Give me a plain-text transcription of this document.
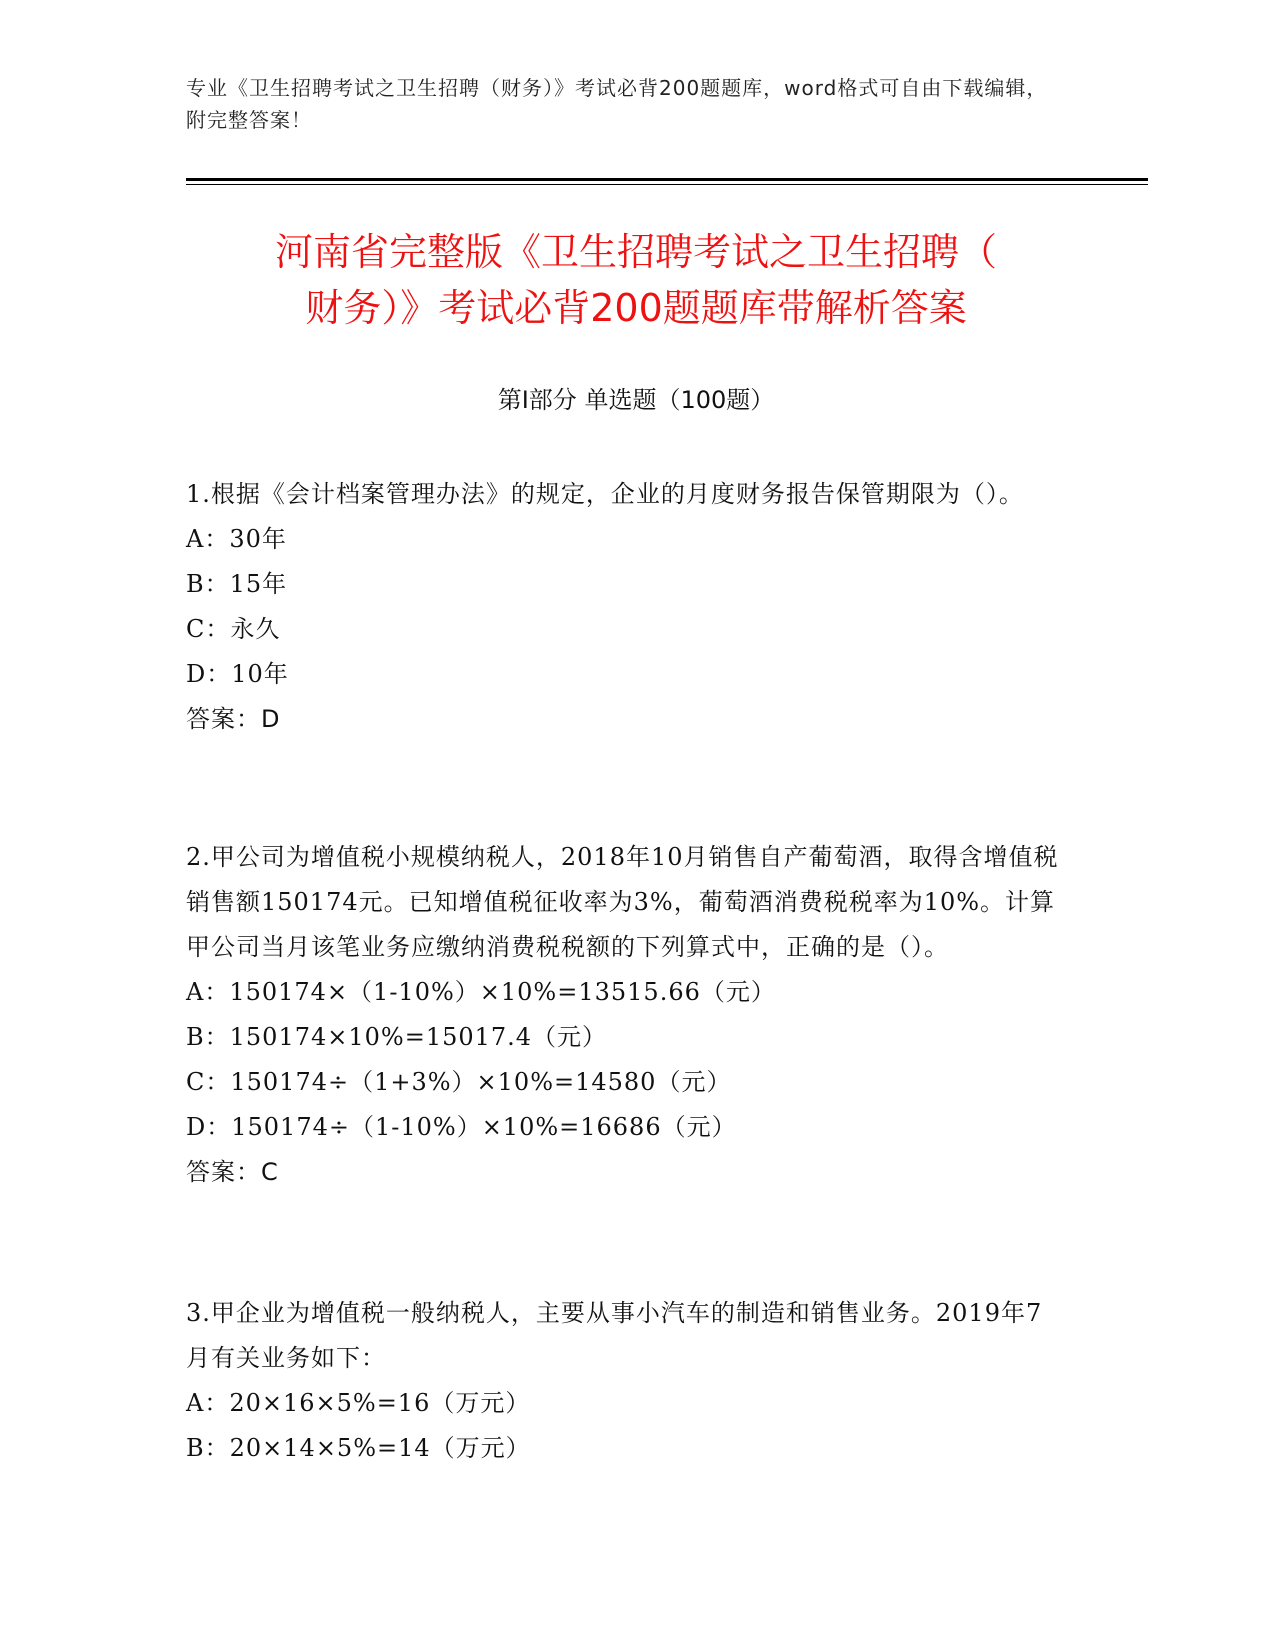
专业《卫生招聘考试之卫生招聘（财务）》考试必背200题题库，word格式可自由下载编辑，附完整答案！
河南省完整版《卫生招聘考试之卫生招聘（
财务）》考试必背200题题库带解析答案
第Ⅰ部分 单选题（100题）
1.根据《会计档案管理办法》的规定，企业的月度财务报告保管期限为（）。
A：30年
B：15年
C：永久
D：10年
答案：D
2.甲公司为增值税小规模纳税人，2018年10月销售自产葡萄酒，取得含增值税销售额150174元。已知增值税征收率为3%，葡萄酒消费税税率为10%。计算甲公司当月该笔业务应缴纳消费税税额的下列算式中，正确的是（）。
A：150174×（1-10%）×10%=13515.66（元）
B：150174×10%=15017.4（元）
C：150174÷（1+3%）×10%=14580（元）
D：150174÷（1-10%）×10%=16686（元）
答案：C
3.甲企业为增值税一般纳税人，主要从事小汽车的制造和销售业务。2019年7月有关业务如下：
A：20×16×5%=16（万元）
B：20×14×5%=14（万元）
